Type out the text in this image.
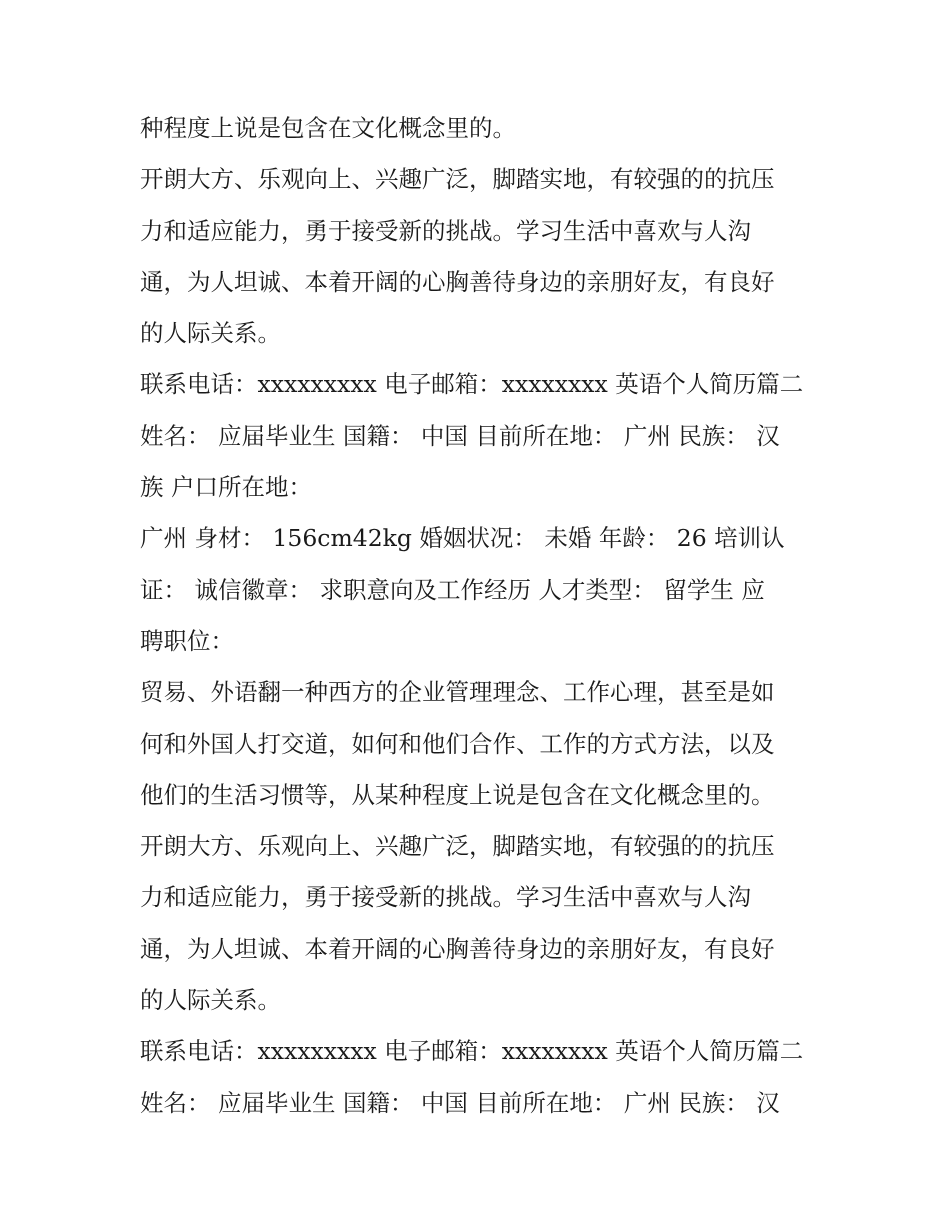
种程度上说是包含在文化概念里的。
开朗大方、乐观向上、兴趣广泛，脚踏实地，有较强的的抗压
力和适应能力，勇于接受新的挑战。学习生活中喜欢与人沟
通，为人坦诚、本着开阔的心胸善待身边的亲朋好友，有良好
的人际关系。
联系电话：xxxxxxxxx 电子邮箱：xxxxxxxx 英语个人简历篇二
姓名： 应届毕业生 国籍： 中国 目前所在地： 广州 民族： 汉
族 户口所在地：
广州 身材： 156cm42kg 婚姻状况： 未婚 年龄： 26 培训认
证： 诚信徽章： 求职意向及工作经历 人才类型： 留学生 应
聘职位：
贸易、外语翻一种西方的企业管理理念、工作心理，甚至是如
何和外国人打交道，如何和他们合作、工作的方式方法，以及
他们的生活习惯等，从某种程度上说是包含在文化概念里的。
开朗大方、乐观向上、兴趣广泛，脚踏实地，有较强的的抗压
力和适应能力，勇于接受新的挑战。学习生活中喜欢与人沟
通，为人坦诚、本着开阔的心胸善待身边的亲朋好友，有良好
的人际关系。
联系电话：xxxxxxxxx 电子邮箱：xxxxxxxx 英语个人简历篇二
姓名： 应届毕业生 国籍： 中国 目前所在地： 广州 民族： 汉
